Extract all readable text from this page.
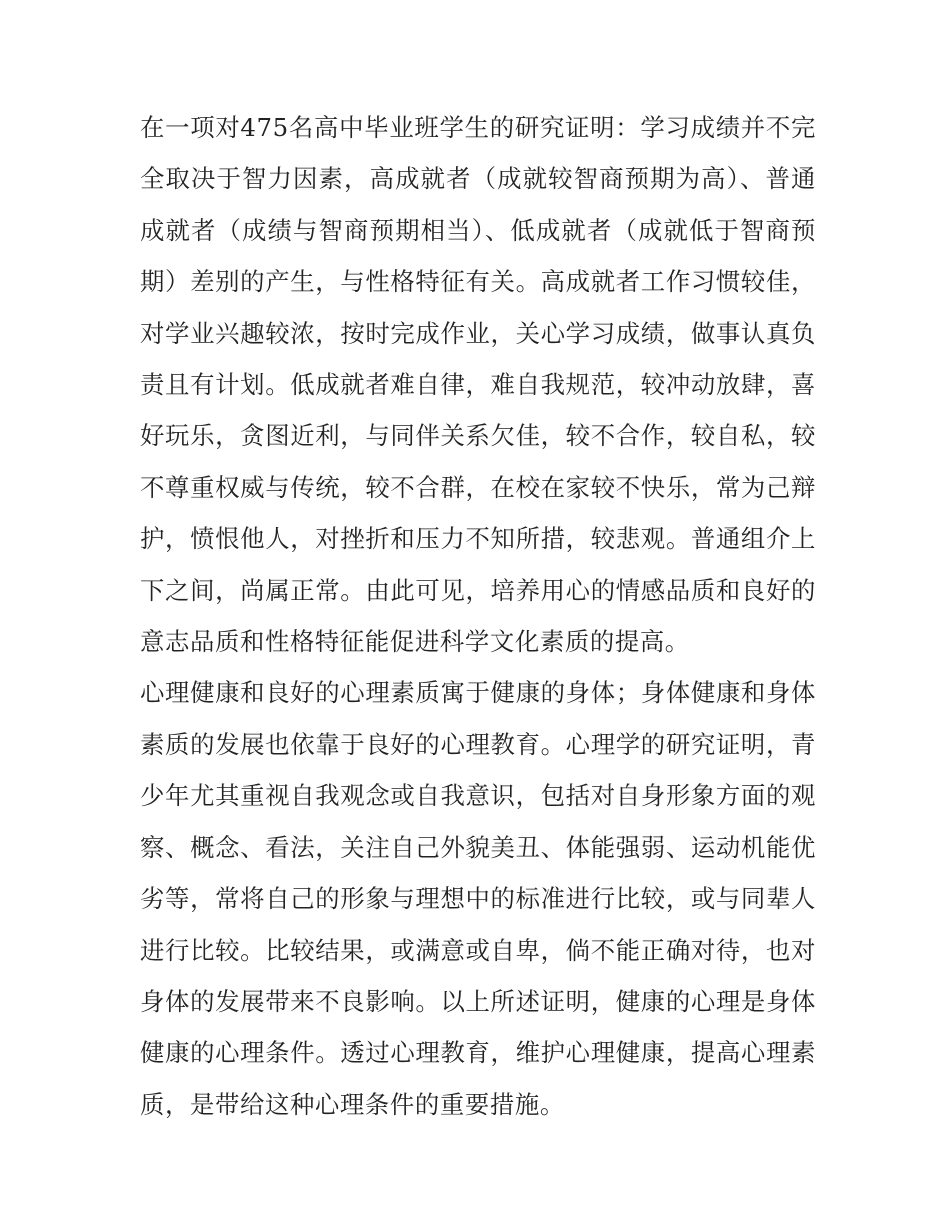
在一项对475名高中毕业班学生的研究证明：学习成绩并不完全取决于智力因素，高成就者（成就较智商预期为高）、普通成就者（成绩与智商预期相当）、低成就者（成就低于智商预期）差别的产生，与性格特征有关。高成就者工作习惯较佳，对学业兴趣较浓，按时完成作业，关心学习成绩，做事认真负责且有计划。低成就者难自律，难自我规范，较冲动放肆，喜好玩乐，贪图近利，与同伴关系欠佳，较不合作，较自私，较不尊重权威与传统，较不合群，在校在家较不快乐，常为己辩护，愤恨他人，对挫折和压力不知所措，较悲观。普通组介上下之间，尚属正常。由此可见，培养用心的情感品质和良好的意志品质和性格特征能促进科学文化素质的提高。

心理健康和良好的心理素质寓于健康的身体；身体健康和身体素质的发展也依靠于良好的心理教育。心理学的研究证明，青少年尤其重视自我观念或自我意识，包括对自身形象方面的观察、概念、看法，关注自己外貌美丑、体能强弱、运动机能优劣等，常将自己的形象与理想中的标准进行比较，或与同辈人进行比较。比较结果，或满意或自卑，倘不能正确对待，也对身体的发展带来不良影响。以上所述证明，健康的心理是身体健康的心理条件。透过心理教育，维护心理健康，提高心理素质，是带给这种心理条件的重要措施。
